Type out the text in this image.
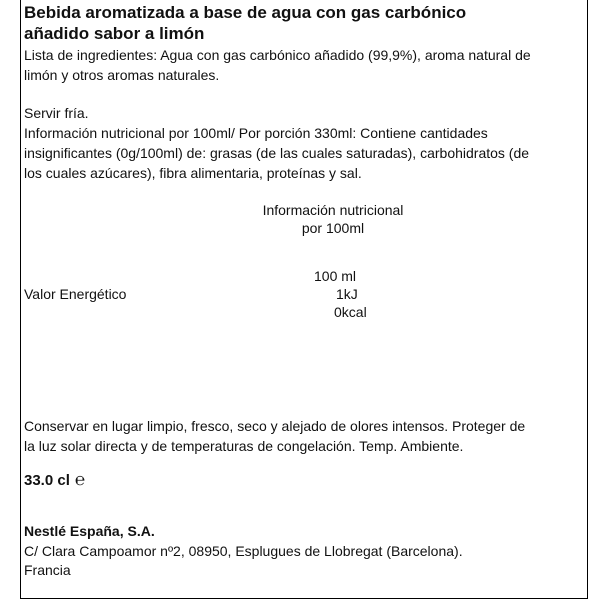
Bebida aromatizada a base de agua con gas carbónico
añadido sabor a limón
Lista de ingredientes: Agua con gas carbónico añadido (99,9%), aroma natural de
limón y otros aromas naturales.
Servir fría.
Información nutricional por 100ml/ Por porción 330ml: Contiene cantidades
insignificantes (0g/100ml) de: grasas (de las cuales saturadas), carbohidratos (de
los cuales azúcares), fibra alimentaria, proteínas y sal.
Información nutricional
por 100ml
100 ml
Valor Energético	1kJ
0kcal
Conservar en lugar limpio, fresco, seco y alejado de olores intensos. Proteger de
la luz solar directa y de temperaturas de congelación. Temp. Ambiente.
33.0 cl ℮
Nestlé España, S.A.
C/ Clara Campoamor nº2, 08950, Esplugues de Llobregat (Barcelona).
Francia
